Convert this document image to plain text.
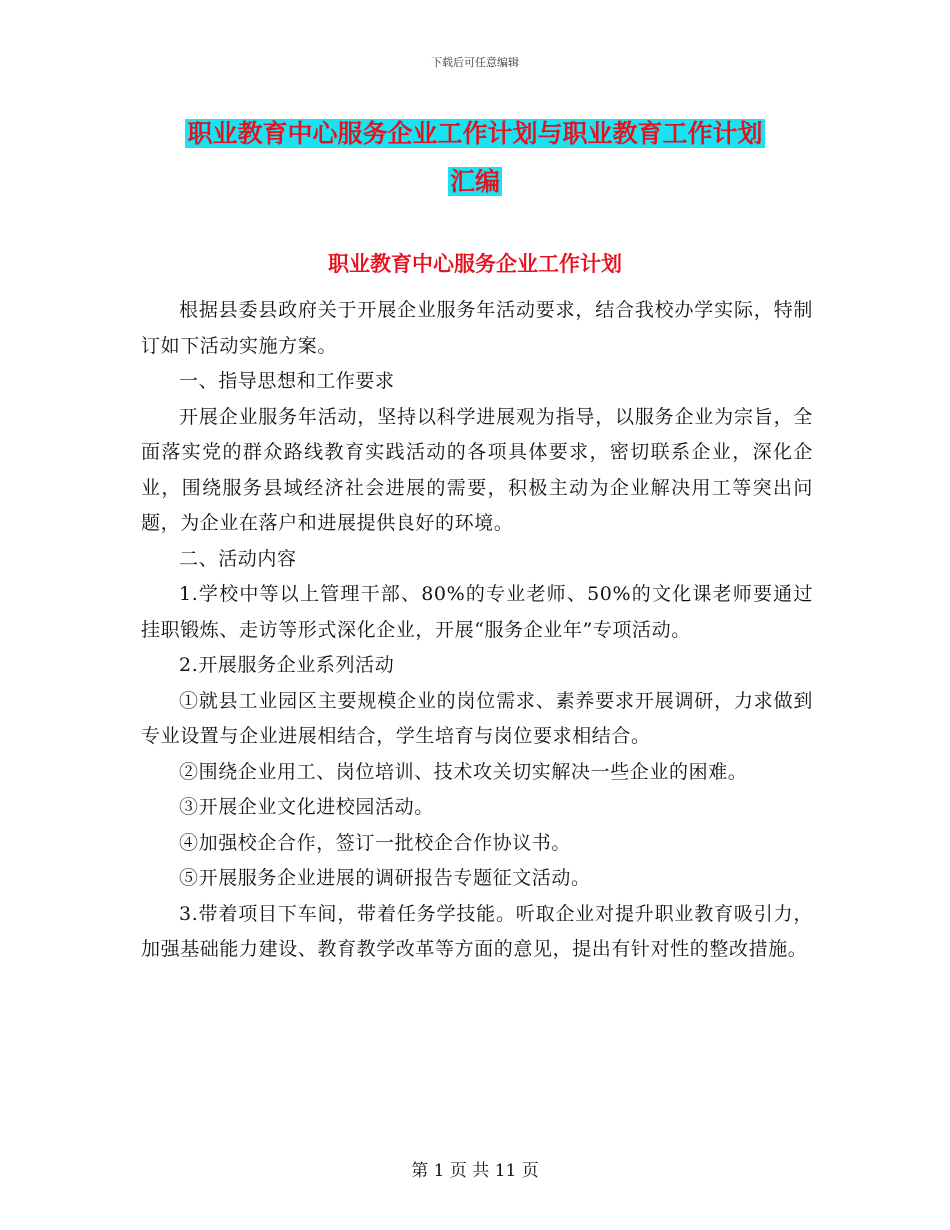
下载后可任意编辑
职业教育中心服务企业工作计划与职业教育工作计划
汇编
职业教育中心服务企业工作计划

根据县委县政府关于开展企业服务年活动要求，结合我校办学实际，特制订如下活动实施方案。

一、指导思想和工作要求

开展企业服务年活动，坚持以科学进展观为指导，以服务企业为宗旨，全面落实党的群众路线教育实践活动的各项具体要求，密切联系企业，深化企业，围绕服务县域经济社会进展的需要，积极主动为企业解决用工等突出问题，为企业在落户和进展提供良好的环境。

二、活动内容

1.学校中等以上管理干部、80%的专业老师、50%的文化课老师要通过挂职锻炼、走访等形式深化企业，开展“服务企业年”专项活动。

2.开展服务企业系列活动

①就县工业园区主要规模企业的岗位需求、素养要求开展调研，力求做到专业设置与企业进展相结合，学生培育与岗位要求相结合。

②围绕企业用工、岗位培训、技术攻关切实解决一些企业的困难。

③开展企业文化进校园活动。

④加强校企合作，签订一批校企合作协议书。

⑤开展服务企业进展的调研报告专题征文活动。

3.带着项目下车间，带着任务学技能。听取企业对提升职业教育吸引力，加强基础能力建设、教育教学改革等方面的意见，提出有针对性的整改措施。

第 1 页 共 11 页
